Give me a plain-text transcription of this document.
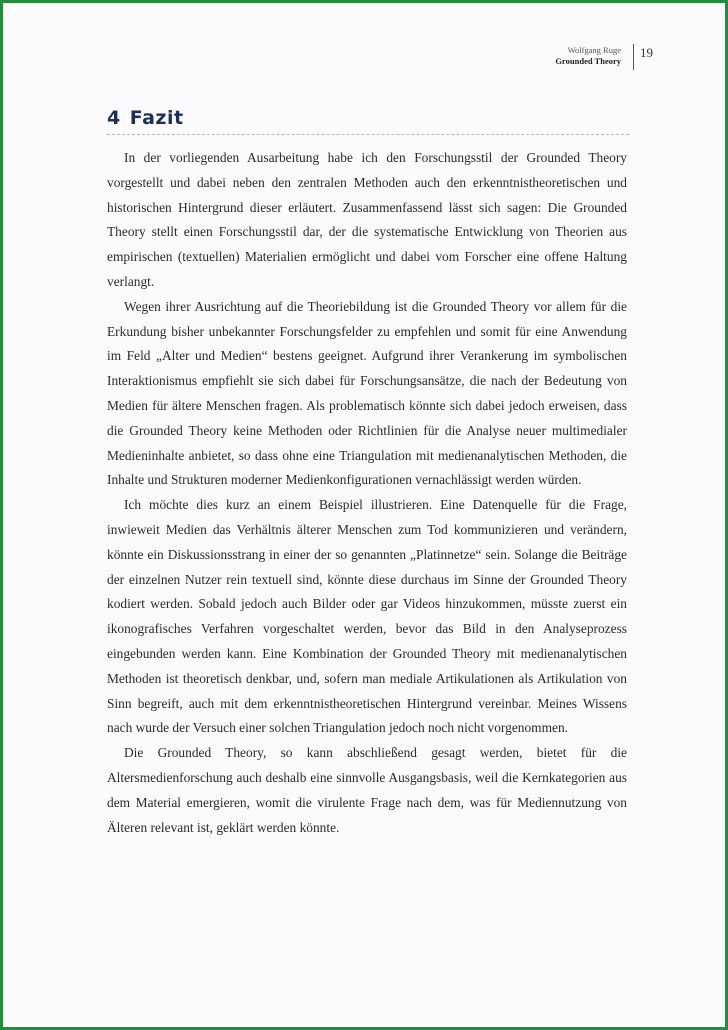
Wolfgang Ruge
Grounded Theory
19
4 Fazit

In der vorliegenden Ausarbeitung habe ich den Forschungsstil der Grounded Theory vorgestellt und dabei neben den zentralen Methoden auch den erkenntnistheoretischen und historischen Hintergrund dieser erläutert. Zusammenfassend lässt sich sagen: Die Grounded Theory stellt einen Forschungsstil dar, der die systematische Entwicklung von Theorien aus empirischen (textuellen) Materialien ermöglicht und dabei vom Forscher eine offene Haltung verlangt.

Wegen ihrer Ausrichtung auf die Theoriebildung ist die Grounded Theory vor allem für die Erkundung bisher unbekannter Forschungsfelder zu empfehlen und somit für eine Anwendung im Feld „Alter und Medien“ bestens geeignet. Aufgrund ihrer Verankerung im symbolischen Interaktionismus empfiehlt sie sich dabei für Forschungsansätze, die nach der Bedeutung von Medien für ältere Menschen fragen. Als problematisch könnte sich dabei jedoch erweisen, dass die Grounded Theory keine Methoden oder Richtlinien für die Analyse neuer multimedialer Medieninhalte anbietet, so dass ohne eine Triangulation mit medienanalytischen Methoden, die Inhalte und Strukturen moderner Medienkonfigurationen vernachlässigt werden würden.

Ich möchte dies kurz an einem Beispiel illustrieren. Eine Datenquelle für die Frage, inwieweit Medien das Verhältnis älterer Menschen zum Tod kommunizieren und verändern, könnte ein Diskussionsstrang in einer der so genannten „Platinnetze“ sein. Solange die Beiträge der einzelnen Nutzer rein textuell sind, könnte diese durchaus im Sinne der Grounded Theory kodiert werden. Sobald jedoch auch Bilder oder gar Videos hinzukommen, müsste zuerst ein ikonografisches Verfahren vorgeschaltet werden, bevor das Bild in den Analyseprozess eingebunden werden kann. Eine Kombination der Grounded Theory mit medienanalytischen Methoden ist theoretisch denkbar, und, sofern man mediale Artikulationen als Artikulation von Sinn begreift, auch mit dem erkenntnistheoretischen Hintergrund vereinbar. Meines Wissens nach wurde der Versuch einer solchen Triangulation jedoch noch nicht vorgenommen.

Die Grounded Theory, so kann abschließend gesagt werden, bietet für die Altersmedienforschung auch deshalb eine sinnvolle Ausgangsbasis, weil die Kernkategorien aus dem Material emergieren, womit die virulente Frage nach dem, was für Mediennutzung von Älteren relevant ist, geklärt werden könnte.
